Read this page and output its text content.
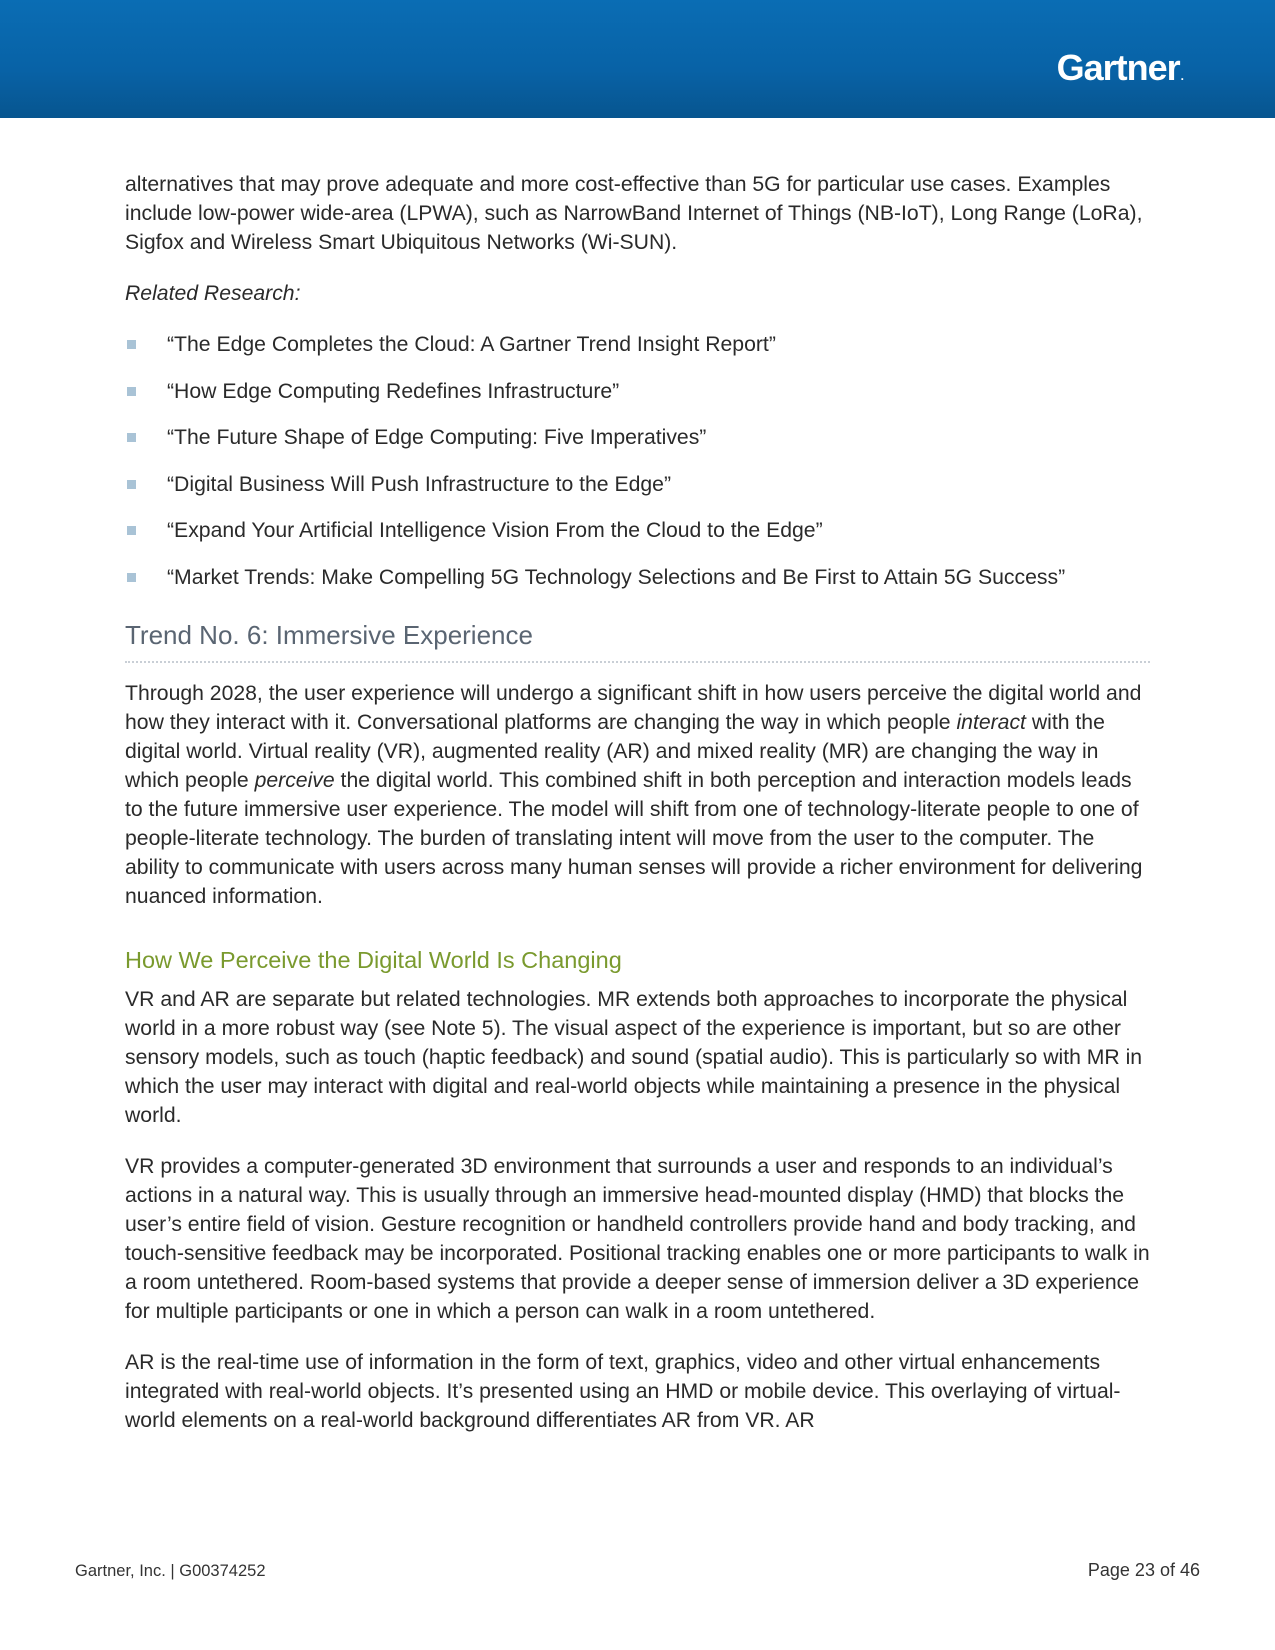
Gartner.

alternatives that may prove adequate and more cost-effective than 5G for particular use cases. Examples include low-power wide-area (LPWA), such as NarrowBand Internet of Things (NB-IoT), Long Range (LoRa), Sigfox and Wireless Smart Ubiquitous Networks (Wi-SUN).

Related Research:

“The Edge Completes the Cloud: A Gartner Trend Insight Report”
“How Edge Computing Redefines Infrastructure”
“The Future Shape of Edge Computing: Five Imperatives”
“Digital Business Will Push Infrastructure to the Edge”
“Expand Your Artificial Intelligence Vision From the Cloud to the Edge”
“Market Trends: Make Compelling 5G Technology Selections and Be First to Attain 5G Success”
Trend No. 6: Immersive Experience

Through 2028, the user experience will undergo a significant shift in how users perceive the digital world and how they interact with it. Conversational platforms are changing the way in which people interact with the digital world. Virtual reality (VR), augmented reality (AR) and mixed reality (MR) are changing the way in which people perceive the digital world. This combined shift in both perception and interaction models leads to the future immersive user experience. The model will shift from one of technology-literate people to one of people-literate technology. The burden of translating intent will move from the user to the computer. The ability to communicate with users across many human senses will provide a richer environment for delivering nuanced information.

How We Perceive the Digital World Is Changing

VR and AR are separate but related technologies. MR extends both approaches to incorporate the physical world in a more robust way (see Note 5). The visual aspect of the experience is important, but so are other sensory models, such as touch (haptic feedback) and sound (spatial audio). This is particularly so with MR in which the user may interact with digital and real-world objects while maintaining a presence in the physical world.

VR provides a computer-generated 3D environment that surrounds a user and responds to an individual’s actions in a natural way. This is usually through an immersive head-mounted display (HMD) that blocks the user’s entire field of vision. Gesture recognition or handheld controllers provide hand and body tracking, and touch-sensitive feedback may be incorporated. Positional tracking enables one or more participants to walk in a room untethered. Room-based systems that provide a deeper sense of immersion deliver a 3D experience for multiple participants or one in which a person can walk in a room untethered.

AR is the real-time use of information in the form of text, graphics, video and other virtual enhancements integrated with real-world objects. It’s presented using an HMD or mobile device. This overlaying of virtual-world elements on a real-world background differentiates AR from VR. AR

Gartner, Inc. | G00374252	Page 23 of 46
